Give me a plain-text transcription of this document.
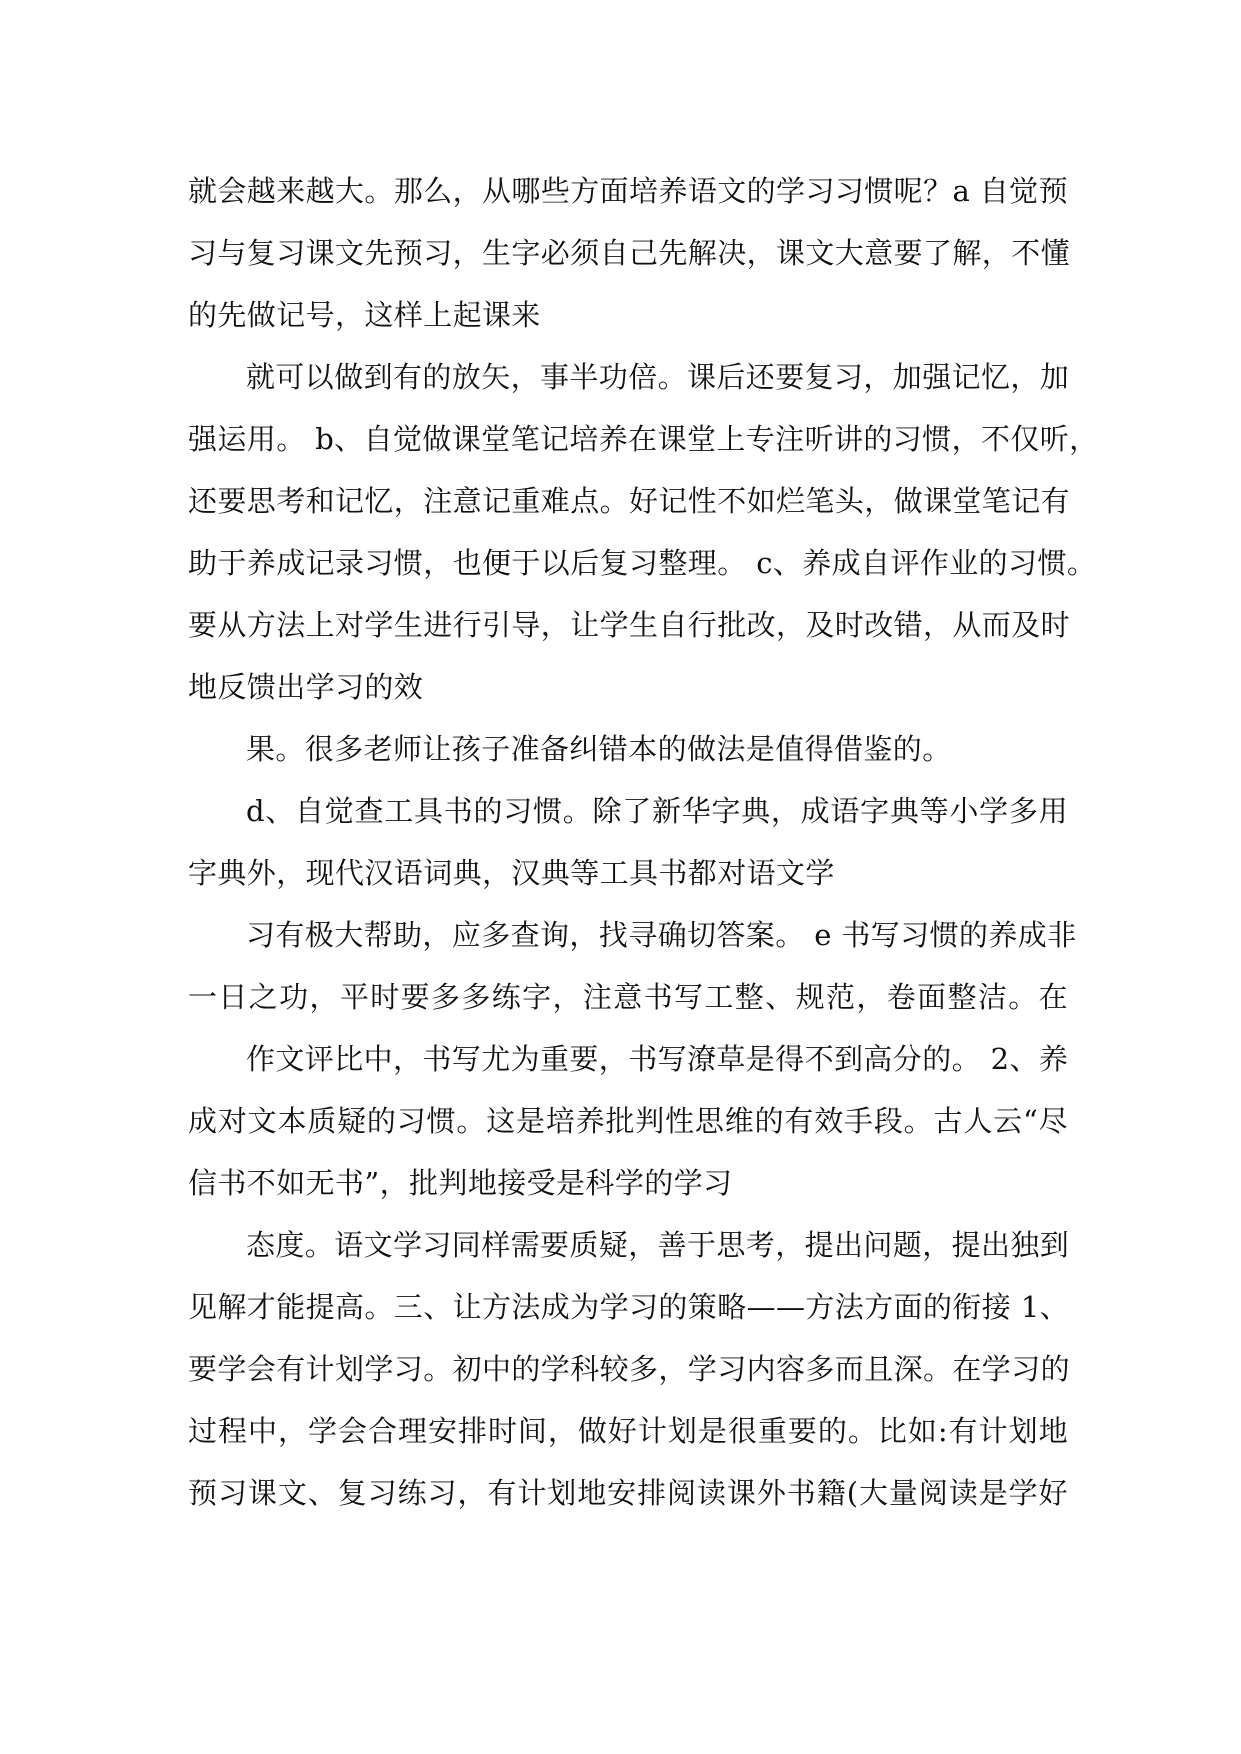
就会越来越大。那么，从哪些方面培养语文的学习习惯呢？a 自觉预
习与复习课文先预习，生字必须自己先解决，课文大意要了解，不懂
的先做记号，这样上起课来
就可以做到有的放矢，事半功倍。课后还要复习，加强记忆，加
强运用。 b、自觉做课堂笔记培养在课堂上专注听讲的习惯，不仅听，
还要思考和记忆，注意记重难点。好记性不如烂笔头，做课堂笔记有
助于养成记录习惯，也便于以后复习整理。 c、养成自评作业的习惯。
要从方法上对学生进行引导，让学生自行批改，及时改错，从而及时
地反馈出学习的效
果。很多老师让孩子准备纠错本的做法是值得借鉴的。
d、自觉查工具书的习惯。除了新华字典，成语字典等小学多用
字典外，现代汉语词典，汉典等工具书都对语文学
习有极大帮助，应多查询，找寻确切答案。 e 书写习惯的养成非
一日之功，平时要多多练字，注意书写工整、规范，卷面整洁。在
作文评比中，书写尤为重要，书写潦草是得不到高分的。 2、养
成对文本质疑的习惯。这是培养批判性思维的有效手段。古人云“尽
信书不如无书”，批判地接受是科学的学习
态度。语文学习同样需要质疑，善于思考，提出问题，提出独到
见解才能提高。三、让方法成为学习的策略——方法方面的衔接 1、
要学会有计划学习。初中的学科较多，学习内容多而且深。在学习的
过程中，学会合理安排时间，做好计划是很重要的。比如:有计划地
预习课文、复习练习，有计划地安排阅读课外书籍(大量阅读是学好
